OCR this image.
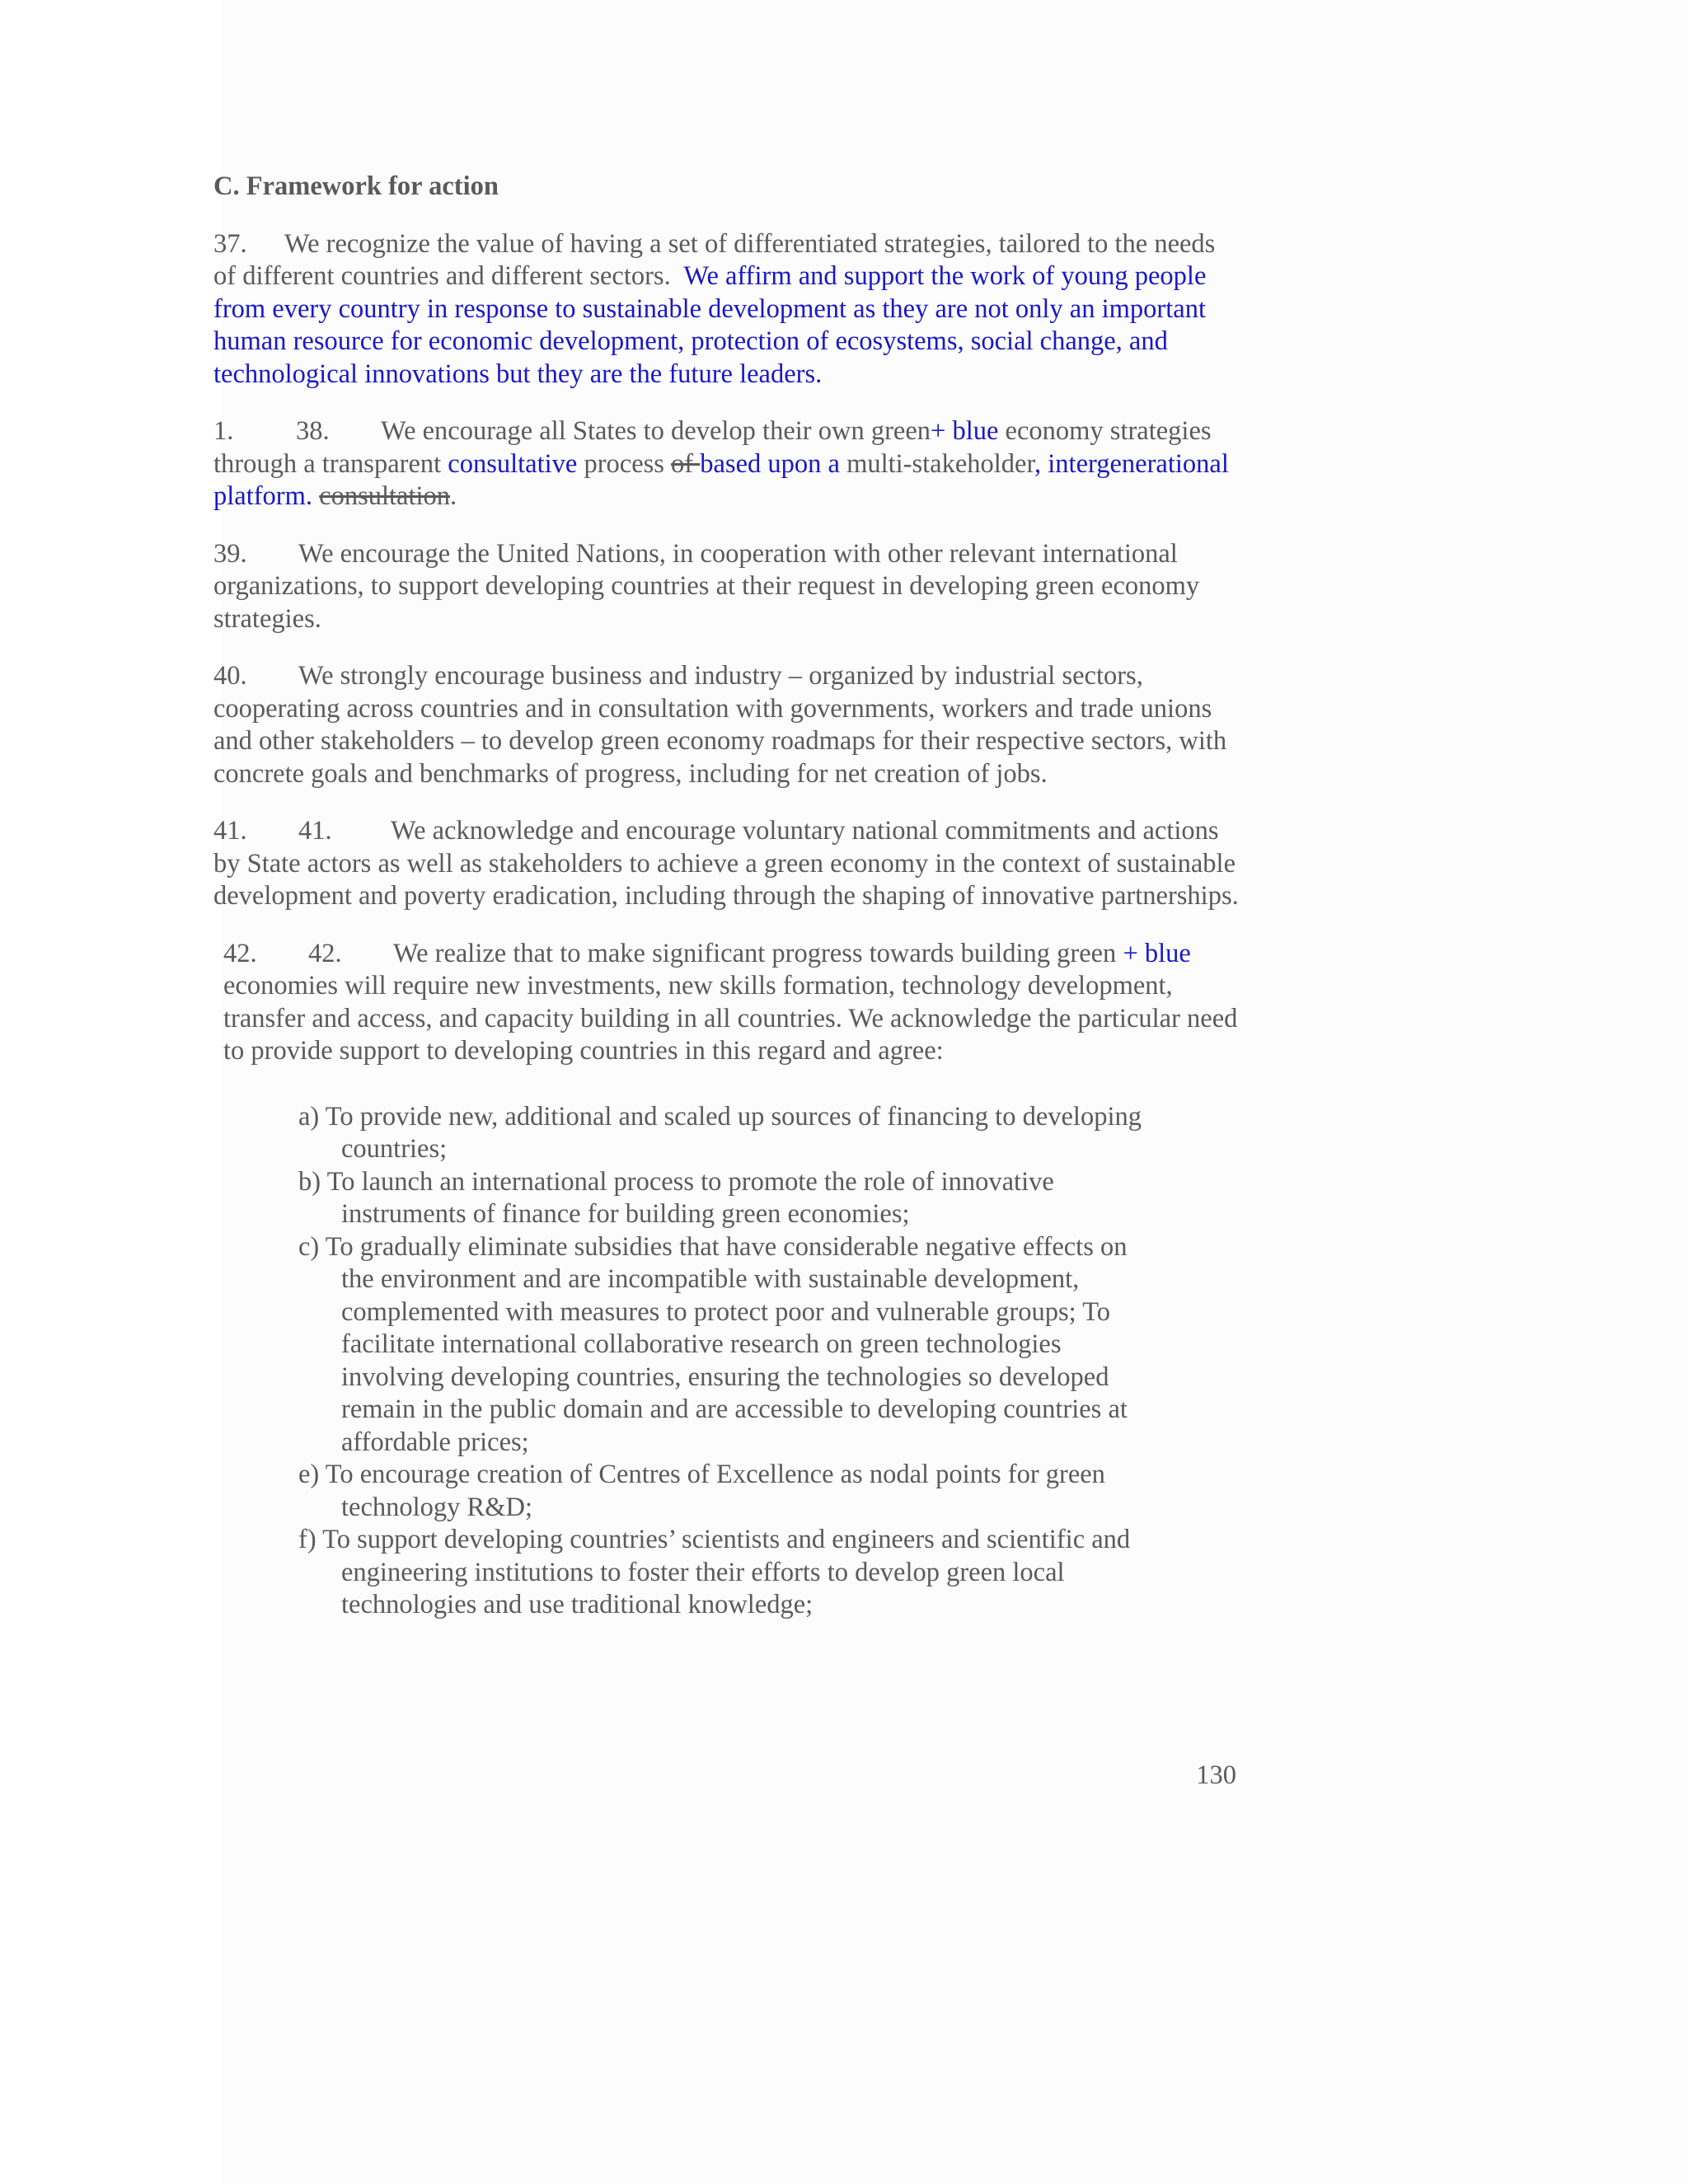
C. Framework for action
37. We recognize the value of having a set of differentiated strategies, tailored to the needs of different countries and different sectors. We affirm and support the work of young people from every country in response to sustainable development as they are not only an important human resource for economic development, protection of ecosystems, social change, and technological innovations but they are the future leaders.
1. 38. We encourage all States to develop their own green+ blue economy strategies through a transparent consultative process of based upon a multi-stakeholder, intergenerational platform. consultation.
39. We encourage the United Nations, in cooperation with other relevant international organizations, to support developing countries at their request in developing green economy strategies.
40. We strongly encourage business and industry – organized by industrial sectors, cooperating across countries and in consultation with governments, workers and trade unions and other stakeholders – to develop green economy roadmaps for their respective sectors, with concrete goals and benchmarks of progress, including for net creation of jobs.
41. 41. We acknowledge and encourage voluntary national commitments and actions by State actors as well as stakeholders to achieve a green economy in the context of sustainable development and poverty eradication, including through the shaping of innovative partnerships.
42. 42. We realize that to make significant progress towards building green + blue economies will require new investments, new skills formation, technology development, transfer and access, and capacity building in all countries. We acknowledge the particular need to provide support to developing countries in this regard and agree:
a) To provide new, additional and scaled up sources of financing to developing countries;
b) To launch an international process to promote the role of innovative instruments of finance for building green economies;
c) To gradually eliminate subsidies that have considerable negative effects on the environment and are incompatible with sustainable development, complemented with measures to protect poor and vulnerable groups; To facilitate international collaborative research on green technologies involving developing countries, ensuring the technologies so developed remain in the public domain and are accessible to developing countries at affordable prices;
e) To encourage creation of Centres of Excellence as nodal points for green technology R&D;
f) To support developing countries’ scientists and engineers and scientific and engineering institutions to foster their efforts to develop green local technologies and use traditional knowledge;
130
